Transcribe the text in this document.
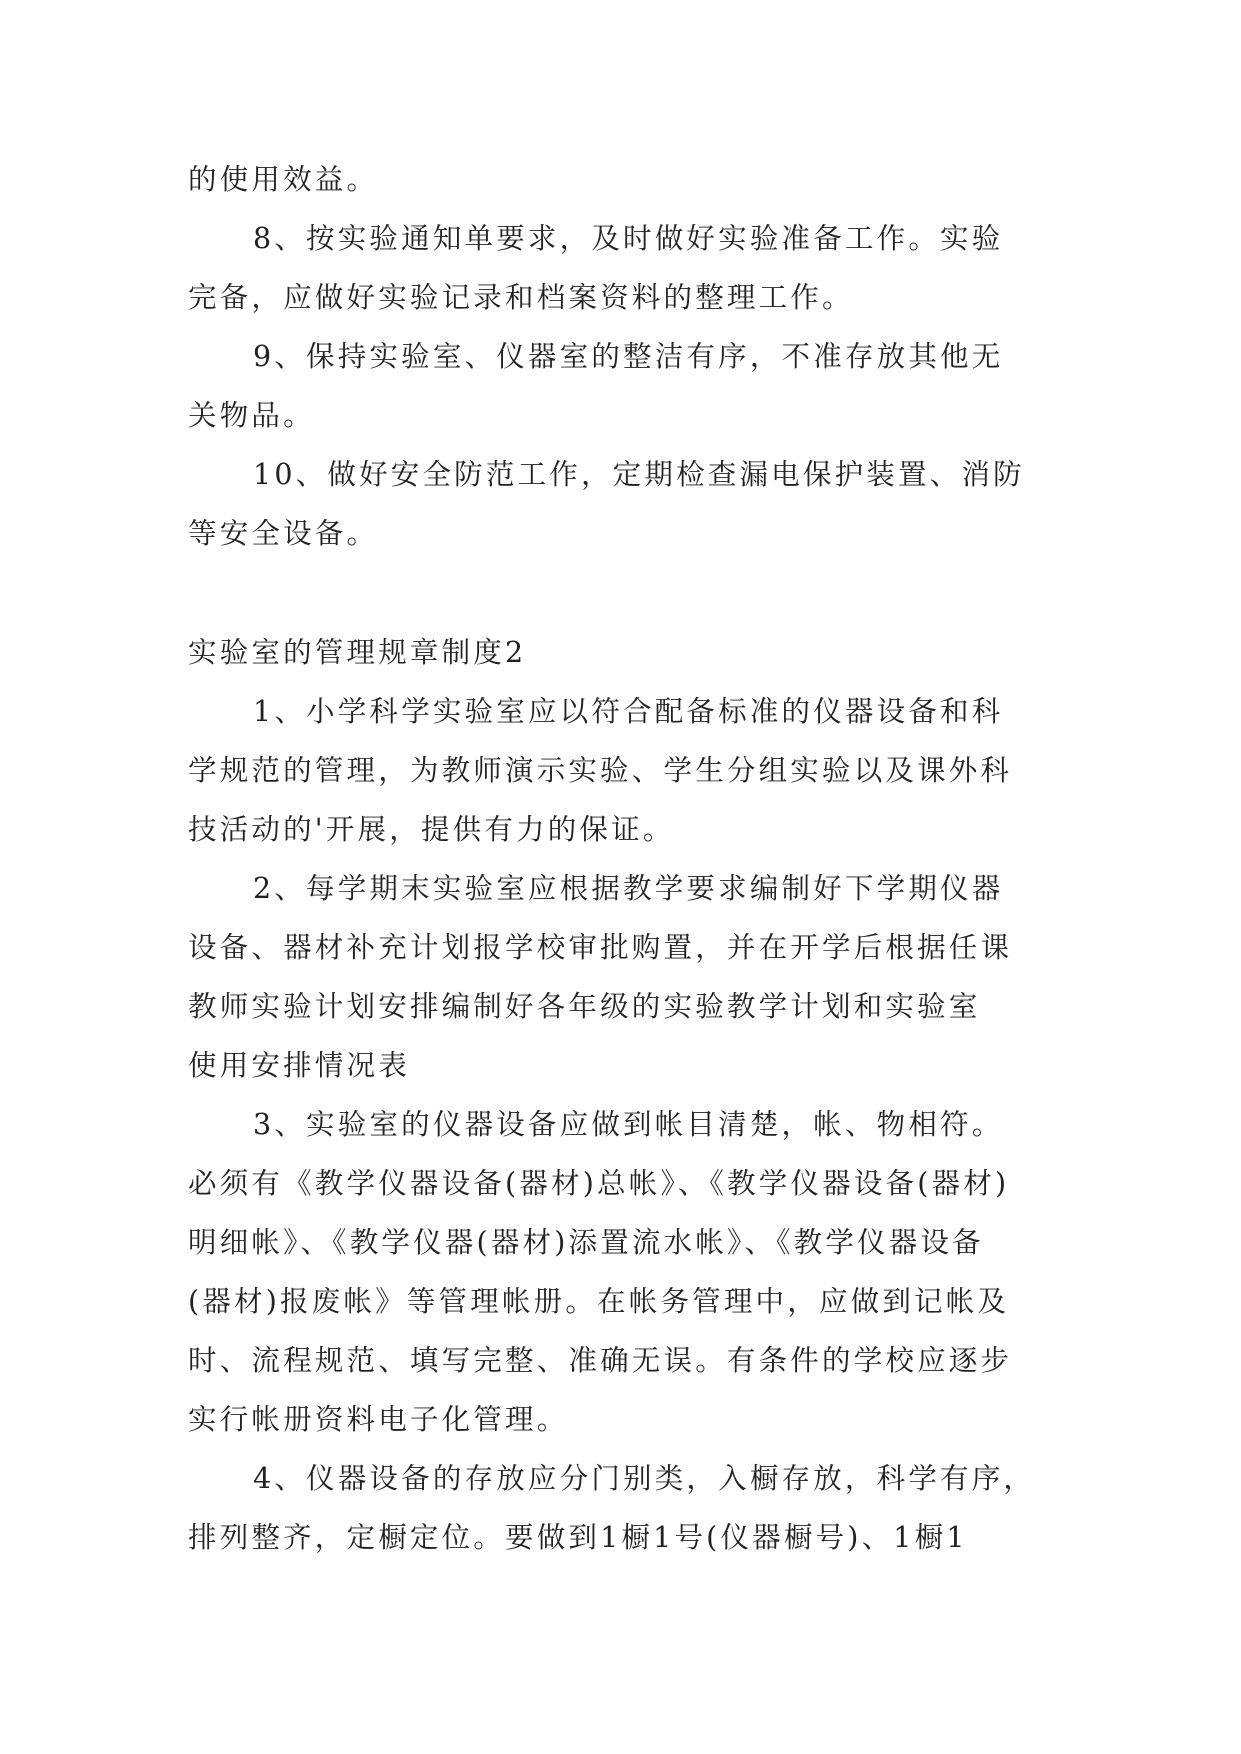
的使用效益。
8、按实验通知单要求，及时做好实验准备工作。实验
完备，应做好实验记录和档案资料的整理工作。
9、保持实验室、仪器室的整洁有序，不准存放其他无
关物品。
10、做好安全防范工作，定期检查漏电保护装置、消防
等安全设备。
实验室的管理规章制度2
1、小学科学实验室应以符合配备标准的仪器设备和科
学规范的管理，为教师演示实验、学生分组实验以及课外科
技活动的'开展，提供有力的保证。
2、每学期末实验室应根据教学要求编制好下学期仪器
设备、器材补充计划报学校审批购置，并在开学后根据任课
教师实验计划安排编制好各年级的实验教学计划和实验室
使用安排情况表
3、实验室的仪器设备应做到帐目清楚，帐、物相符。
必须有《教学仪器设备(器材)总帐》、《教学仪器设备(器材)
明细帐》、《教学仪器(器材)添置流水帐》、《教学仪器设备
(器材)报废帐》等管理帐册。在帐务管理中，应做到记帐及
时、流程规范、填写完整、准确无误。有条件的学校应逐步
实行帐册资料电子化管理。
4、仪器设备的存放应分门别类，入橱存放，科学有序，
排列整齐，定橱定位。要做到1橱1号(仪器橱号)、1橱1
